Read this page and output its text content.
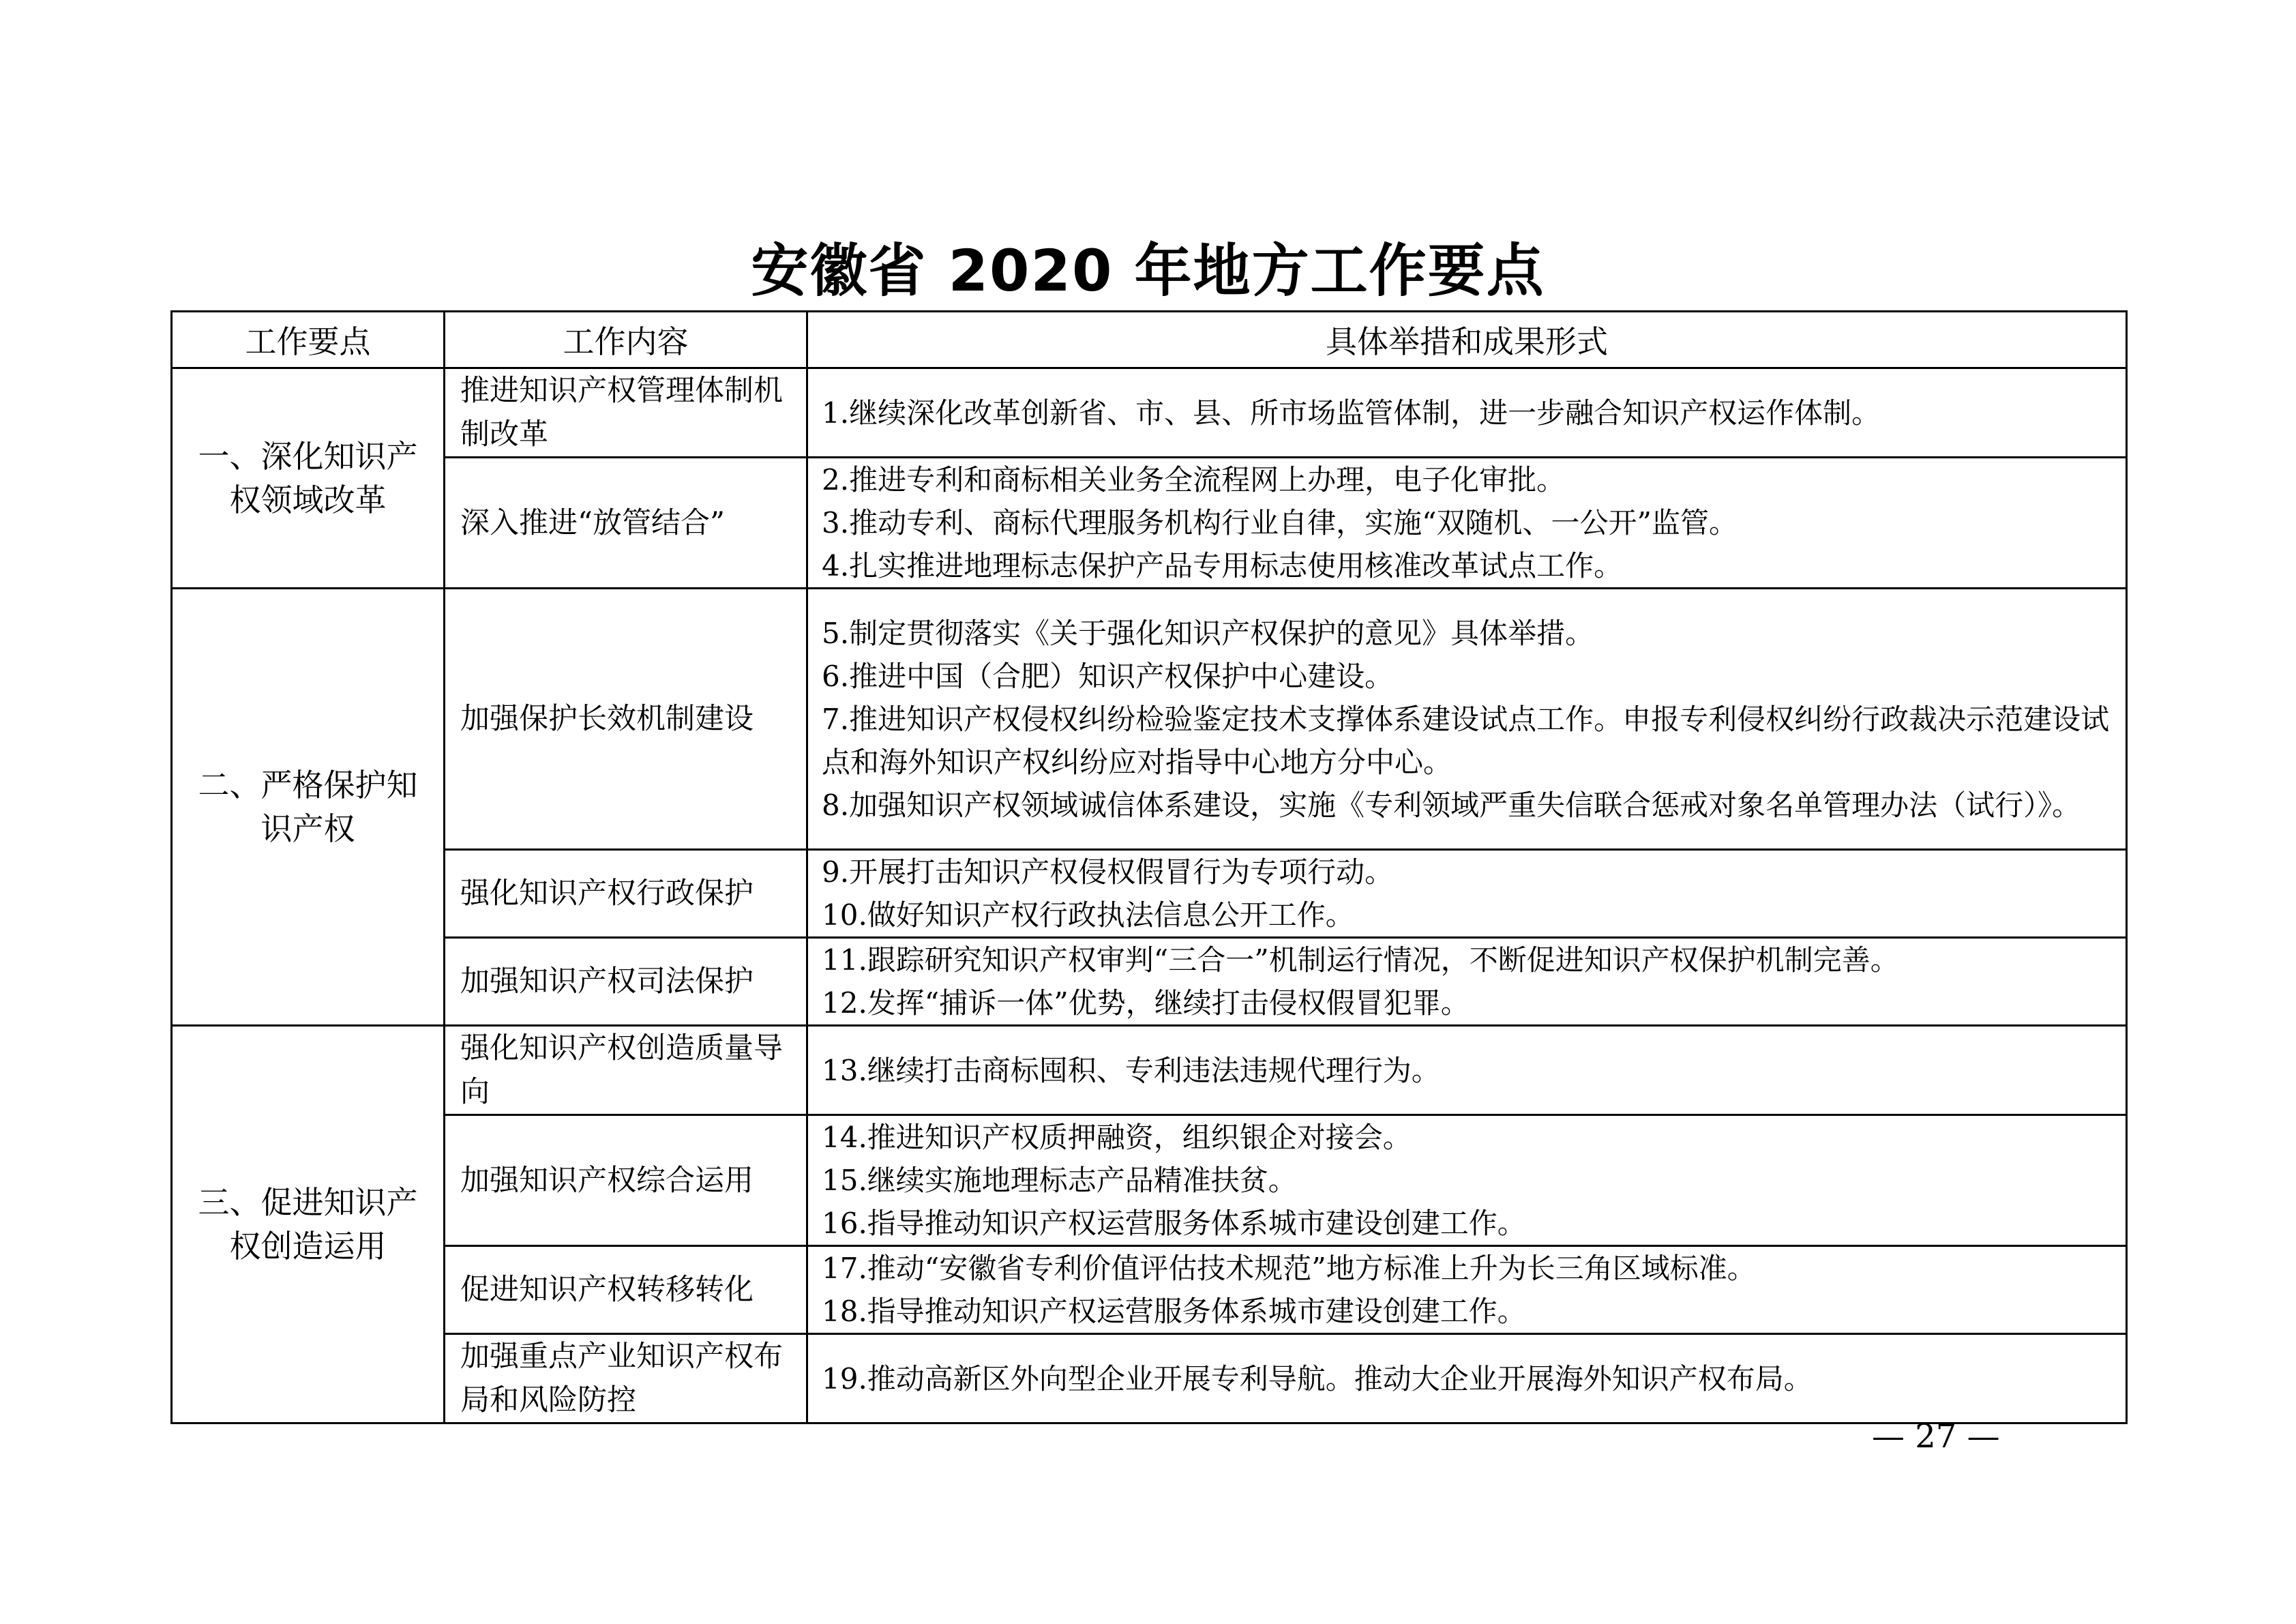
安徽省 2020 年地方工作要点
工作要点	工作内容	具体举措和成果形式
一、深化知识产权领域改革	推进知识产权管理体制机制改革	1.继续深化改革创新省、市、县、所市场监管体制，进一步融合知识产权运作体制。

	深入推进“放管结合”	2.推进专利和商标相关业务全流程网上办理，电子化审批。
3.推动专利、商标代理服务机构行业自律，实施“双随机、一公开”监管。
4.扎实推进地理标志保护产品专用标志使用核准改革试点工作。

二、严格保护知识产权	加强保护长效机制建设	5.制定贯彻落实《关于强化知识产权保护的意见》具体举措。
6.推进中国（合肥）知识产权保护中心建设。
7.推进知识产权侵权纠纷检验鉴定技术支撑体系建设试点工作。申报专利侵权纠纷行政裁决示范建设试点和海外知识产权纠纷应对指导中心地方分中心。
8.加强知识产权领域诚信体系建设，实施《专利领域严重失信联合惩戒对象名单管理办法（试行）》。

	强化知识产权行政保护	9.开展打击知识产权侵权假冒行为专项行动。
10.做好知识产权行政执法信息公开工作。

	加强知识产权司法保护	11.跟踪研究知识产权审判“三合一”机制运行情况，不断促进知识产权保护机制完善。
12.发挥“捕诉一体”优势，继续打击侵权假冒犯罪。

三、促进知识产权创造运用	强化知识产权创造质量导向	13.继续打击商标囤积、专利违法违规代理行为。

	加强知识产权综合运用	14.推进知识产权质押融资，组织银企对接会。
15.继续实施地理标志产品精准扶贫。
16.指导推动知识产权运营服务体系城市建设创建工作。

	促进知识产权转移转化	17.推动“安徽省专利价值评估技术规范”地方标准上升为长三角区域标准。
18.指导推动知识产权运营服务体系城市建设创建工作。

	加强重点产业知识产权布局和风险防控	19.推动高新区外向型企业开展专利导航。推动大企业开展海外知识产权布局。
— 27 —
